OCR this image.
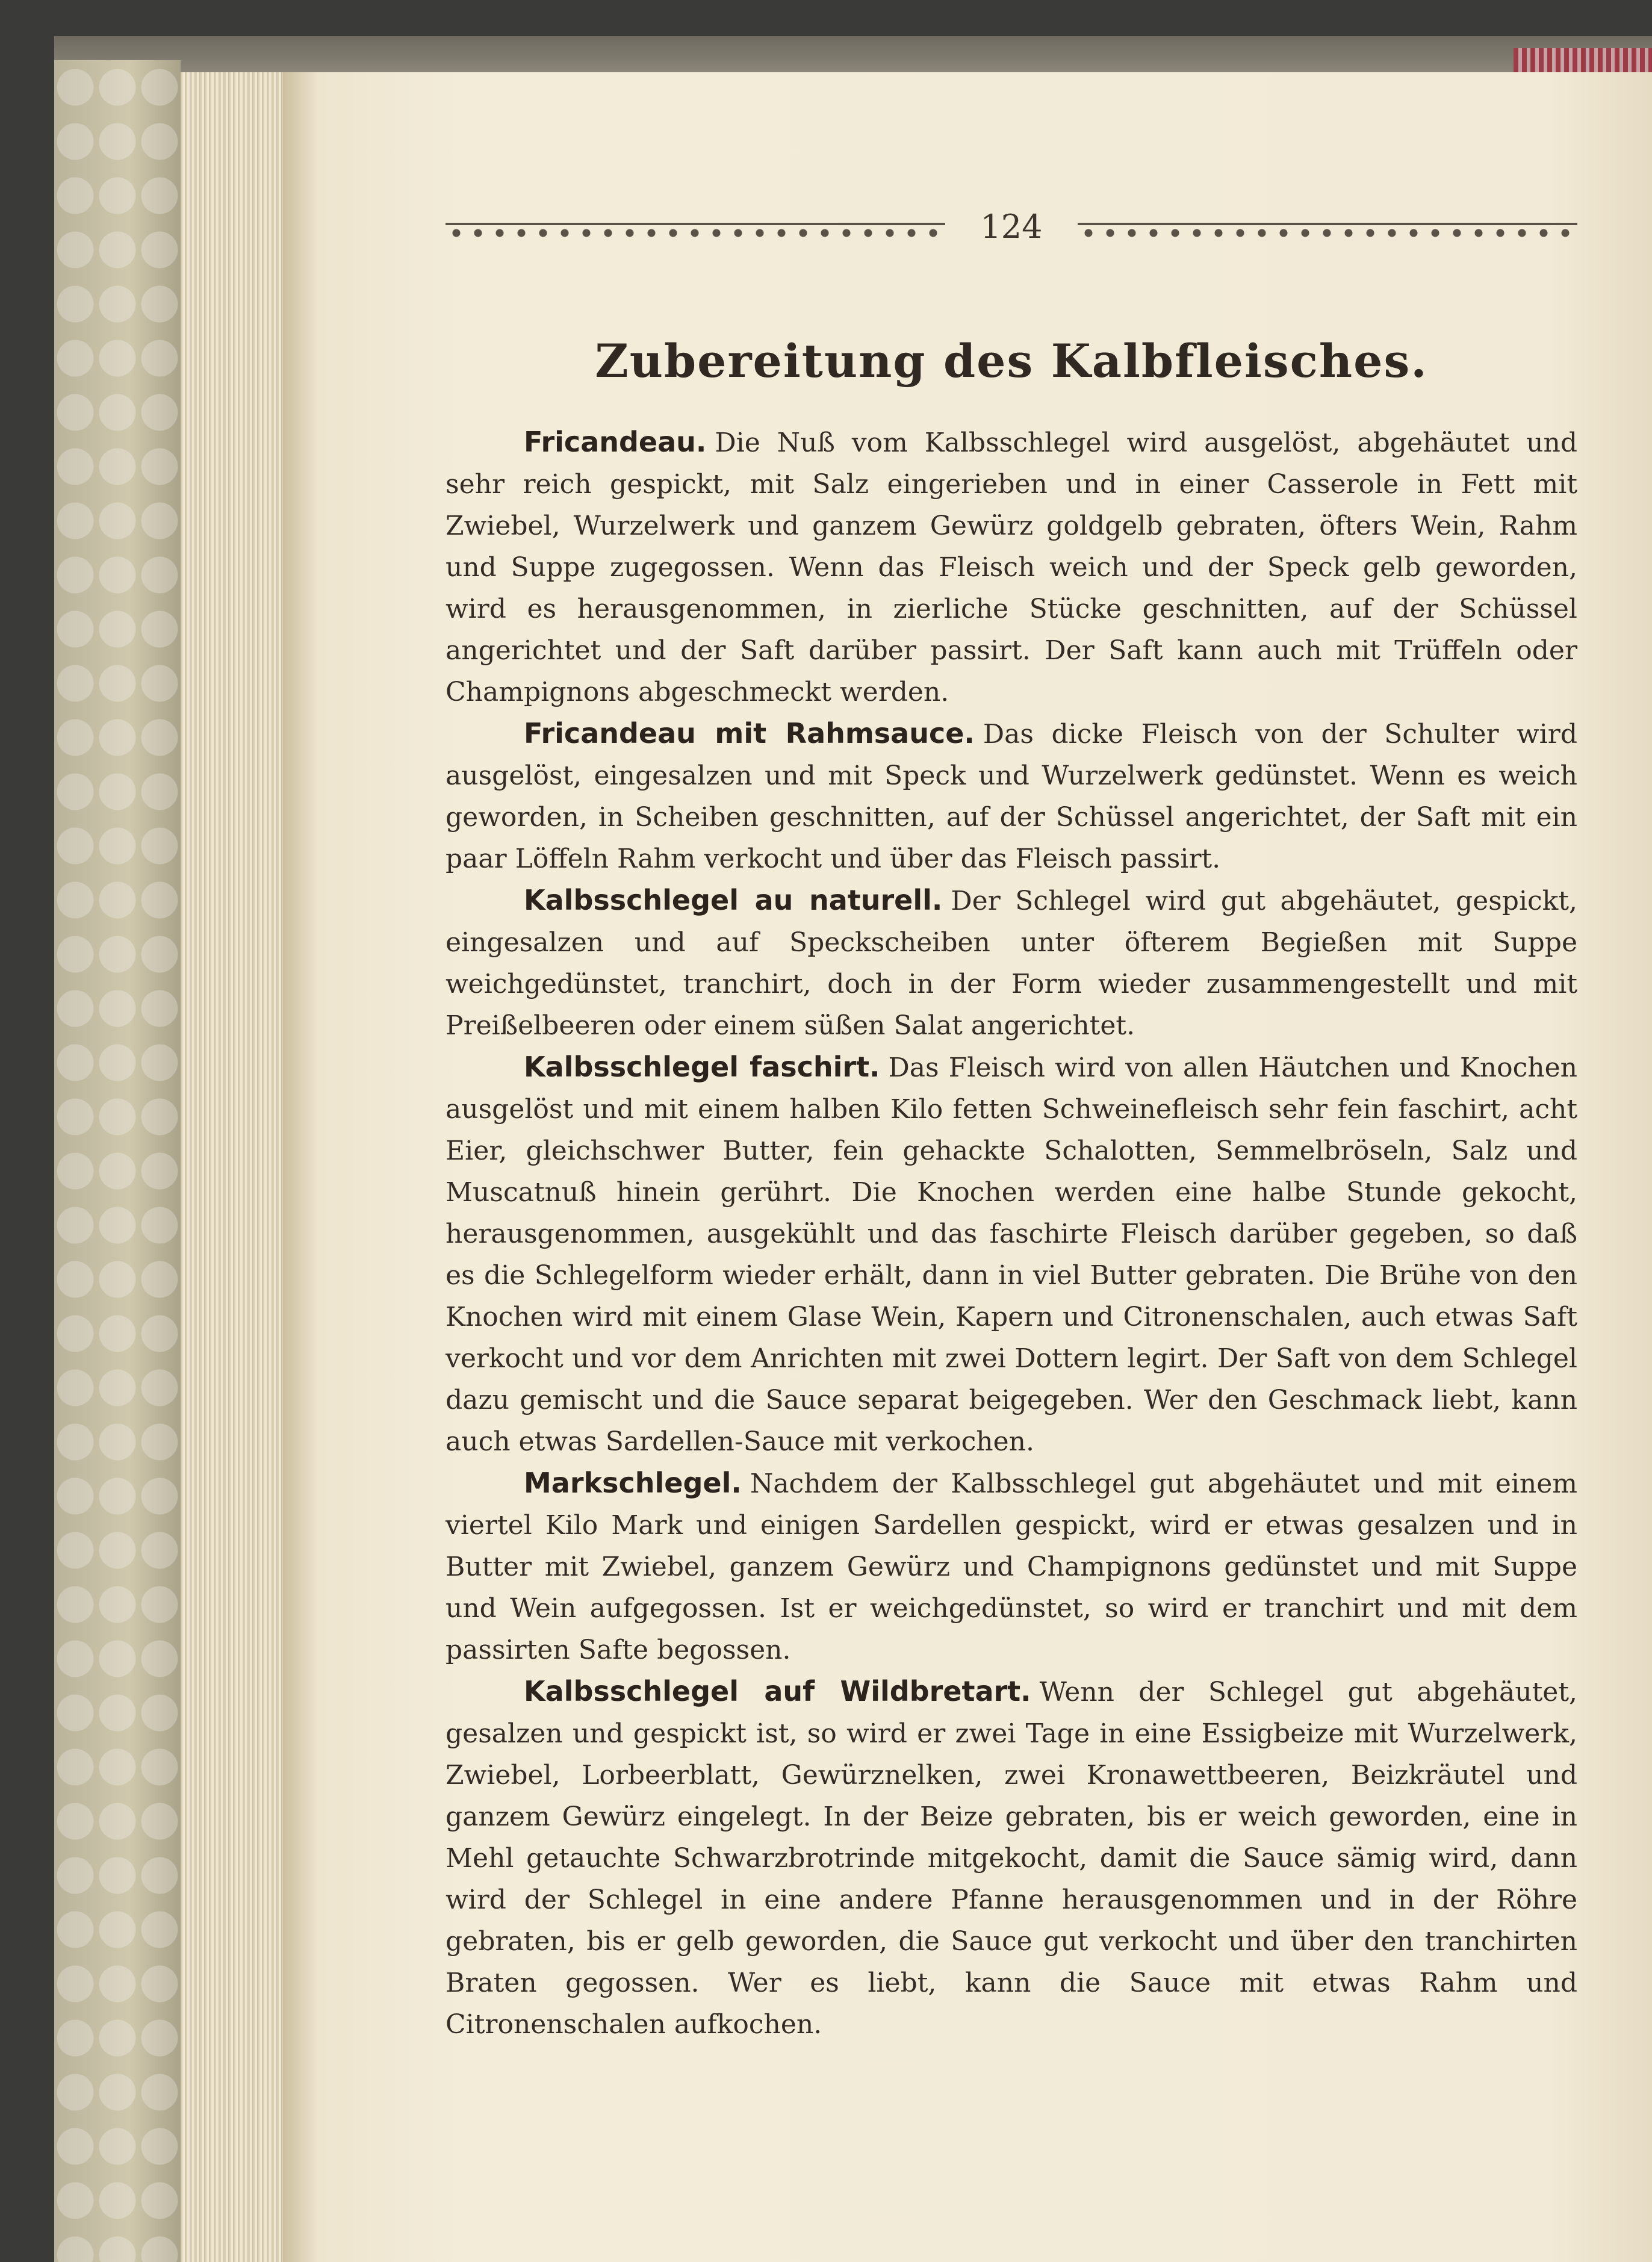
124
Zubereitung des Kalbfleisches.

Fricandeau. Die Nuß vom Kalbsschlegel wird ausgelöst, abgehäutet und sehr reich gespickt, mit Salz eingerieben und in einer Casserole in Fett mit Zwiebel, Wurzelwerk und ganzem Gewürz goldgelb gebraten, öfters Wein, Rahm und Suppe zugegossen. Wenn das Fleisch weich und der Speck gelb geworden, wird es herausgenommen, in zierliche Stücke geschnitten, auf der Schüssel angerichtet und der Saft darüber passirt. Der Saft kann auch mit Trüffeln oder Champignons abgeschmeckt werden.

Fricandeau mit Rahmsauce. Das dicke Fleisch von der Schulter wird ausgelöst, eingesalzen und mit Speck und Wurzelwerk gedünstet. Wenn es weich geworden, in Scheiben geschnitten, auf der Schüssel angerichtet, der Saft mit ein paar Löffeln Rahm verkocht und über das Fleisch passirt.

Kalbsschlegel au naturell. Der Schlegel wird gut abgehäutet, gespickt, eingesalzen und auf Speckscheiben unter öfterem Begießen mit Suppe weichgedünstet, tranchirt, doch in der Form wieder zusammengestellt und mit Preißelbeeren oder einem süßen Salat angerichtet.

Kalbsschlegel faschirt. Das Fleisch wird von allen Häutchen und Knochen ausgelöst und mit einem halben Kilo fetten Schweinefleisch sehr fein faschirt, acht Eier, gleichschwer Butter, fein gehackte Schalotten, Semmelbröseln, Salz und Muscatnuß hinein gerührt. Die Knochen werden eine halbe Stunde gekocht, herausgenommen, ausgekühlt und das faschirte Fleisch darüber gegeben, so daß es die Schlegelform wieder erhält, dann in viel Butter gebraten. Die Brühe von den Knochen wird mit einem Glase Wein, Kapern und Citronenschalen, auch etwas Saft verkocht und vor dem Anrichten mit zwei Dottern legirt. Der Saft von dem Schlegel dazu gemischt und die Sauce separat beigegeben. Wer den Geschmack liebt, kann auch etwas Sardellen-Sauce mit verkochen.

Markschlegel. Nachdem der Kalbsschlegel gut abgehäutet und mit einem viertel Kilo Mark und einigen Sardellen gespickt, wird er etwas gesalzen und in Butter mit Zwiebel, ganzem Gewürz und Champignons gedünstet und mit Suppe und Wein aufgegossen. Ist er weichgedünstet, so wird er tranchirt und mit dem passirten Safte begossen.

Kalbsschlegel auf Wildbretart. Wenn der Schlegel gut abgehäutet, gesalzen und gespickt ist, so wird er zwei Tage in eine Essigbeize mit Wurzelwerk, Zwiebel, Lorbeerblatt, Gewürznelken, zwei Kronawettbeeren, Beizkräutel und ganzem Gewürz eingelegt. In der Beize gebraten, bis er weich geworden, eine in Mehl getauchte Schwarzbrotrinde mitgekocht, damit die Sauce sämig wird, dann wird der Schlegel in eine andere Pfanne herausgenommen und in der Röhre gebraten, bis er gelb geworden, die Sauce gut verkocht und über den tranchirten Braten gegossen. Wer es liebt, kann die Sauce mit etwas Rahm und Citronenschalen aufkochen.
